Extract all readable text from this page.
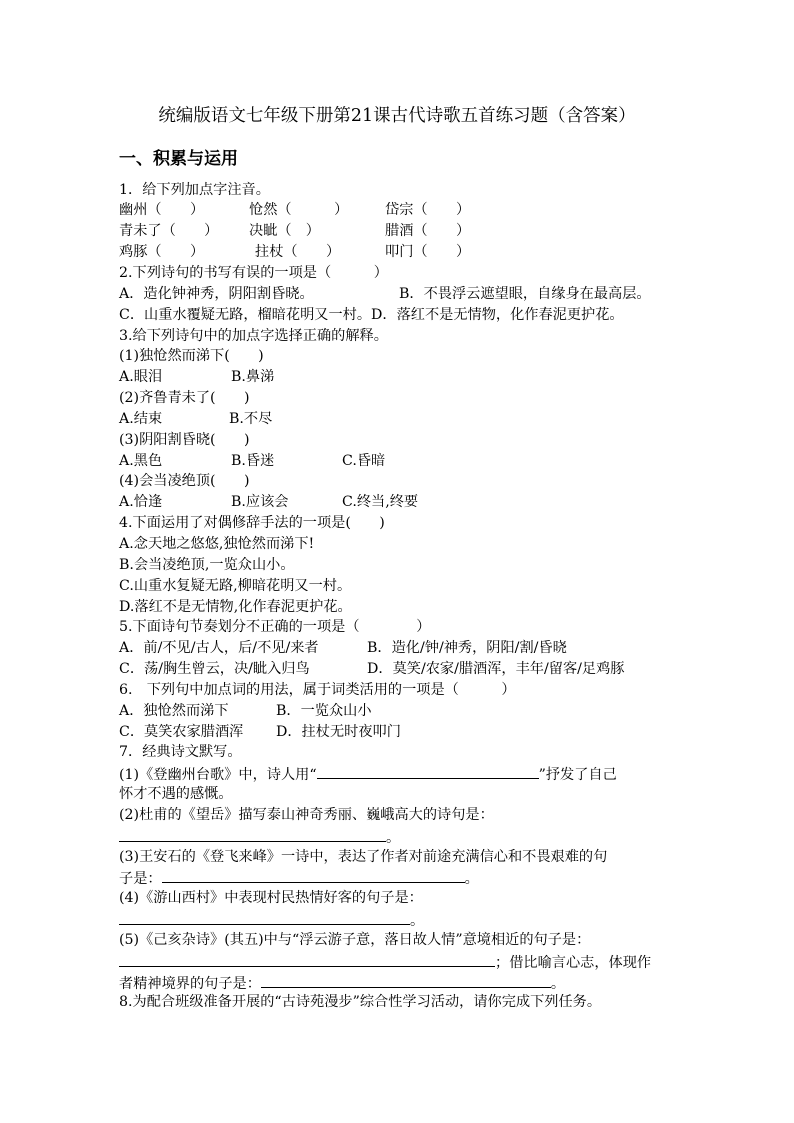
统编版语文七年级下册第21课古代诗歌五首练习题（含答案）
一、积累与运用
1．给下列加点字注音。
幽州（　　）	怆然（　　　）	岱宗（　　）
青未了（　　） 决眦（　）	腊酒（　　）
鸡豚（　　）	拄杖（　　）	叩门（　　）
2.下列诗句的书写有误的一项是（　　　）
A．造化钟神秀，阴阳割昏晓。	B．不畏浮云遮望眼，自缘身在最高层。
C．山重水覆疑无路，榴暗花明又一村。D．落红不是无情物，化作春泥更护花。
3.给下列诗句中的加点字选择正确的解释。
(1)独怆然而涕下(　　)
A.眼泪	B.鼻涕
(2)齐鲁青未了(　　)
A.结束	B.不尽
(3)阴阳割昏晓(　　)
A.黑色	B.昏迷	C.昏暗
(4)会当凌绝顶(　　)
A.恰逢	B.应该会	C.终当,终要
4.下面运用了对偶修辞手法的一项是(　　)
A.念天地之悠悠,独怆然而涕下!
B.会当凌绝顶,一览众山小。
C.山重水复疑无路,柳暗花明又一村。
D.落红不是无情物,化作春泥更护花。
5.下面诗句节奏划分不正确的一项是（　　　　）
A．前/不见/古人，后/不见/来者	B．造化/钟/神秀，阴阳/割/昏晓
C．荡/胸生曾云，决/眦入归鸟	D．莫笑/农家/腊酒浑，丰年/留客/足鸡豚
6.　下列句中加点词的用法，属于词类活用的一项是（　　　）
A．独怆然而涕下	B．一览众山小
C．莫笑农家腊酒浑 D．拄杖无时夜叩门
7．经典诗文默写。
(1)《登幽州台歌》中，诗人用“	”抒发了自己
怀才不遇的感慨。
(2)杜甫的《望岳》描写泰山神奇秀丽、巍峨高大的诗句是：
。
(3)王安石的《登飞来峰》一诗中，表达了作者对前途充满信心和不畏艰难的句
子是：	。
(4)《游山西村》中表现村民热情好客的句子是：
。
(5)《己亥杂诗》(其五)中与“浮云游子意，落日故人情”意境相近的句子是：
；借比喻言心志，体现作
者精神境界的句子是：	。
8.为配合班级准备开展的“古诗苑漫步”综合性学习活动，请你完成下列任务。
